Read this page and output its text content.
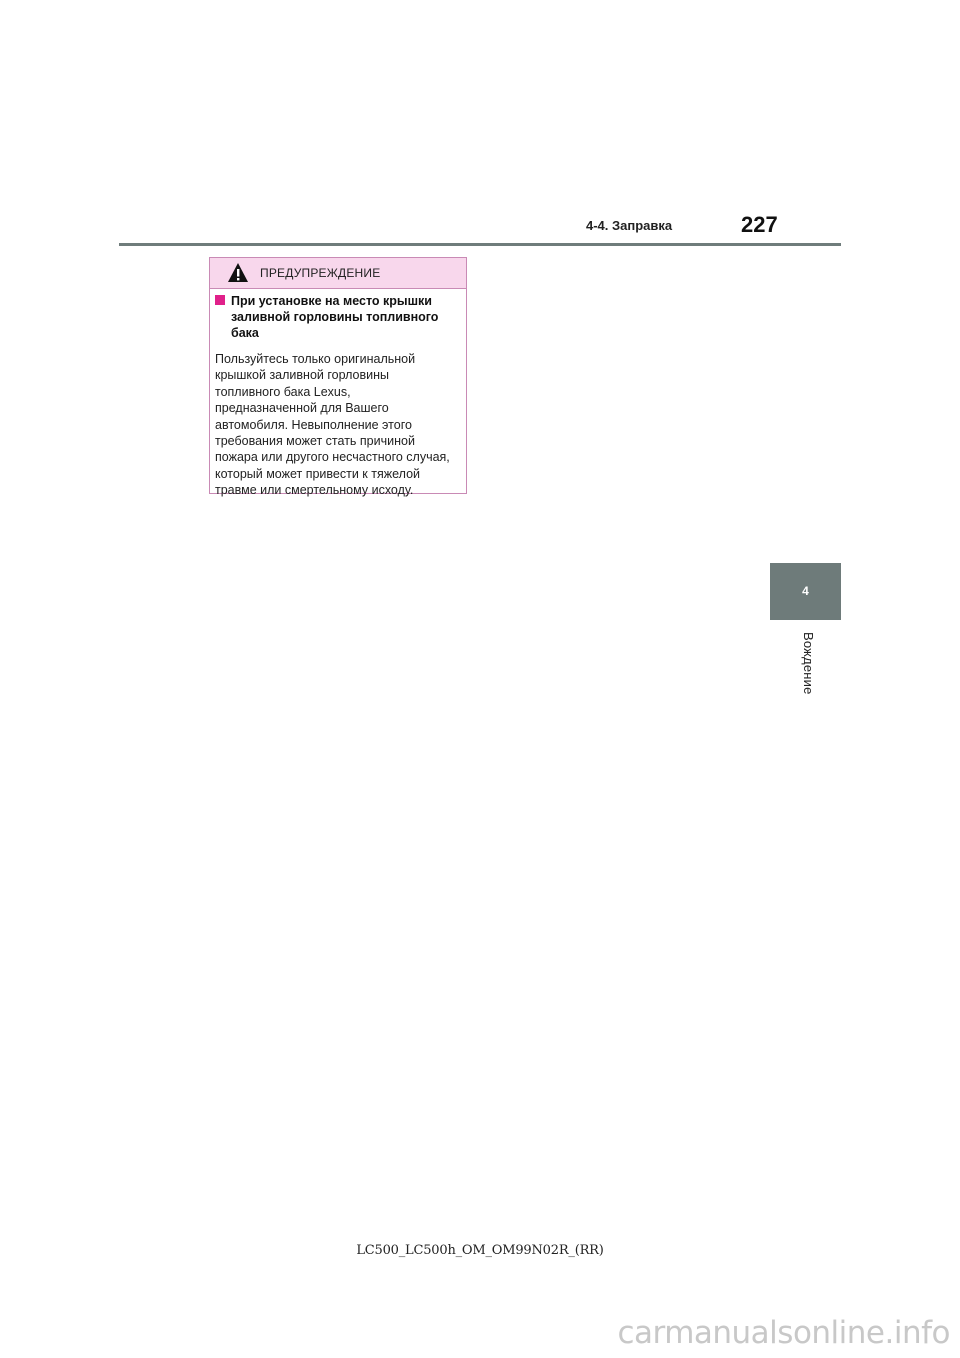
4-4. Заправка	227
ПРЕДУПРЕЖДЕНИЕ
При установке на место крышки заливной горловины топливного бака
Пользуйтесь только оригинальной
крышкой заливной горловины
топливного бака Lexus,
предназначенной для Вашего
автомобиля. Невыполнение этого
требования может стать причиной
пожара или другого несчастного случая,
который может привести к тяжелой
травме или смертельному исходу.
4
Вождение
LC500_LC500h_OM_OM99N02R_(RR)
carmanualsonline.info
